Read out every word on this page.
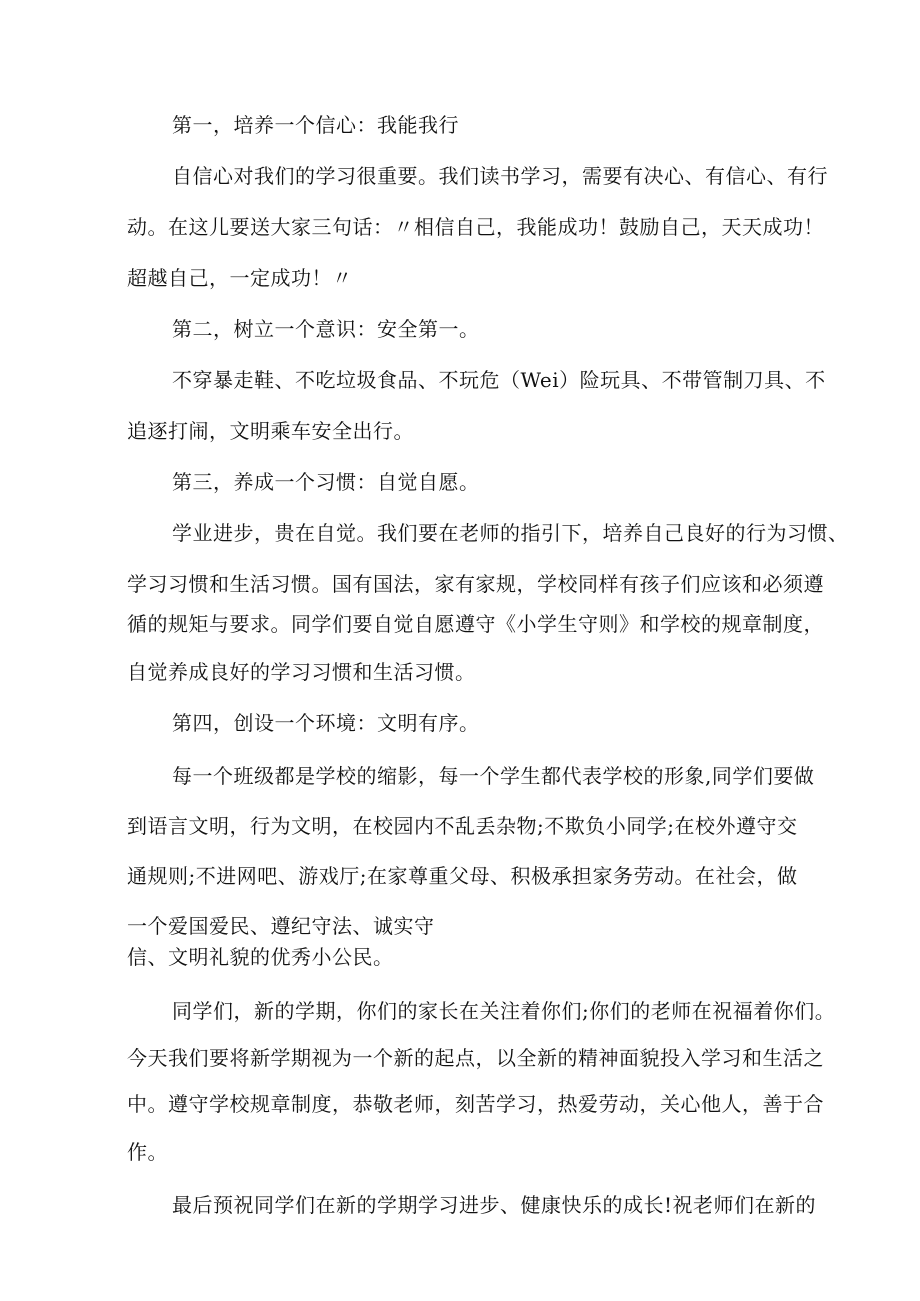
第一，培养一个信心：我能我行
自信心对我们的学习很重要。我们读书学习，需要有决心、有信心、有行
动。在这儿要送大家三句话：〃相信自己，我能成功！鼓励自己，天天成功！
超越自己，一定成功！〃
第二，树立一个意识：安全第一。
不穿暴走鞋、不吃垃圾食品、不玩危（Wei）险玩具、不带管制刀具、不
追逐打闹，文明乘车安全出行。
第三，养成一个习惯：自觉自愿。
学业进步，贵在自觉。我们要在老师的指引下，培养自己良好的行为习惯、
学习习惯和生活习惯。国有国法，家有家规，学校同样有孩子们应该和必须遵
循的规矩与要求。同学们要自觉自愿遵守《小学生守则》和学校的规章制度，
自觉养成良好的学习习惯和生活习惯。
第四，创设一个环境：文明有序。
每一个班级都是学校的缩影，每一个学生都代表学校的形象,同学们要做
到语言文明，行为文明，在校园内不乱丢杂物;不欺负小同学;在校外遵守交
通规则;不进网吧、游戏厅;在家尊重父母、积极承担家务劳动。在社会，做
一个爱国爱民、遵纪守法、诚实守
信、文明礼貌的优秀小公民。
同学们，新的学期，你们的家长在关注着你们;你们的老师在祝福着你们。
今天我们要将新学期视为一个新的起点，以全新的精神面貌投入学习和生活之
中。遵守学校规章制度，恭敬老师，刻苦学习，热爱劳动，关心他人，善于合
作。
最后预祝同学们在新的学期学习进步、健康快乐的成长!祝老师们在新的
